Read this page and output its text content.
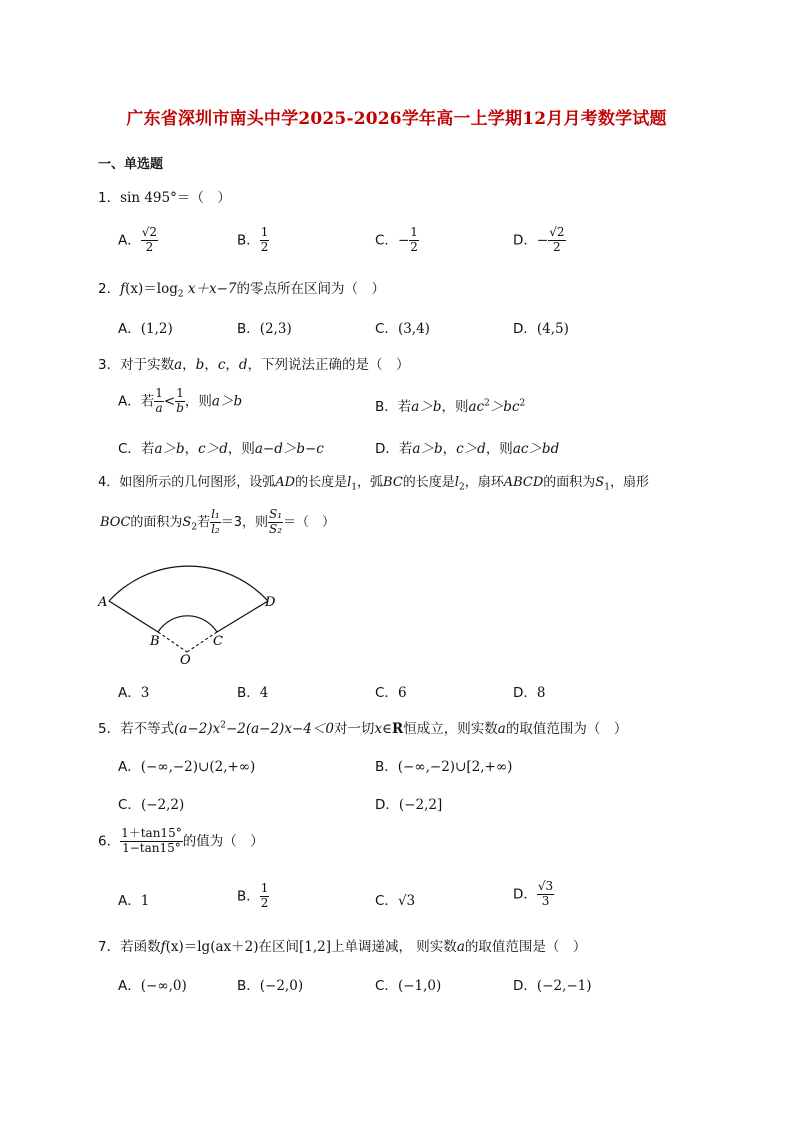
广东省深圳市南头中学2025-2026学年高一上学期12月月考数学试题
一、单选题
1．sin 495°＝（　）
A． $\frac{√2}{2}$	B． $\frac{1}{2}$	C．− $\frac{1}{2}$	D．− $\frac{√2}{2}$
2．$f(x)=\log_2$ x＋x−7的零点所在区间为（　）
A．(1,2)	B．(2,3)	C．(3,4)	D．(4,5)
3．对于实数a，b，c，d，下列说法正确的是（　）
A．若 $\frac{1}{a} < \frac{1}{b}$ ，则a＞b	B．若a＞b，则$ac^2>bc^2$
C．若a＞b，c＞d，则a−d＞b−c	D．若a＞b，c＞d，则ac＞bd
4．如图所示的几何图形，设弧AD的长度是$l_1$，弧BC的长度是$l_2$，扇环ABCD的面积为$S_1$，扇形
BOC的面积为$S_2$若 $\frac{\text{l₁}}{\text{l₂}} =3$，则 $\frac{\text{S₁}}{\text{S₂}}$ ＝（　）
A
B	C
D
O
A．3	B．4	C．6	D．8
5．若不等式$(a-2)x^2-2(a-2)x-4<0$对一切x∈R恒成立，则实数a的取值范围为（　）
A．(−∞,−2)∪(2,+∞)	B．(−∞,−2)∪[2,+∞)
C．(−2,2)	D．(−2,2]
6． $\frac{1+\tan 15^\circ}{1-\tan 15^\circ}$ 的值为（　）
A．1	B． $\frac{1}{2}$	C．√3	D． $\frac{√3}{3}$
7．若函数f(x)＝lg(ax＋2)在区间[1,2]上单调递减， 则实数a的取值范围是（　）
A．(−∞,0)	B．(−2,0)	C．(−1,0)	D．(−2,−1)
